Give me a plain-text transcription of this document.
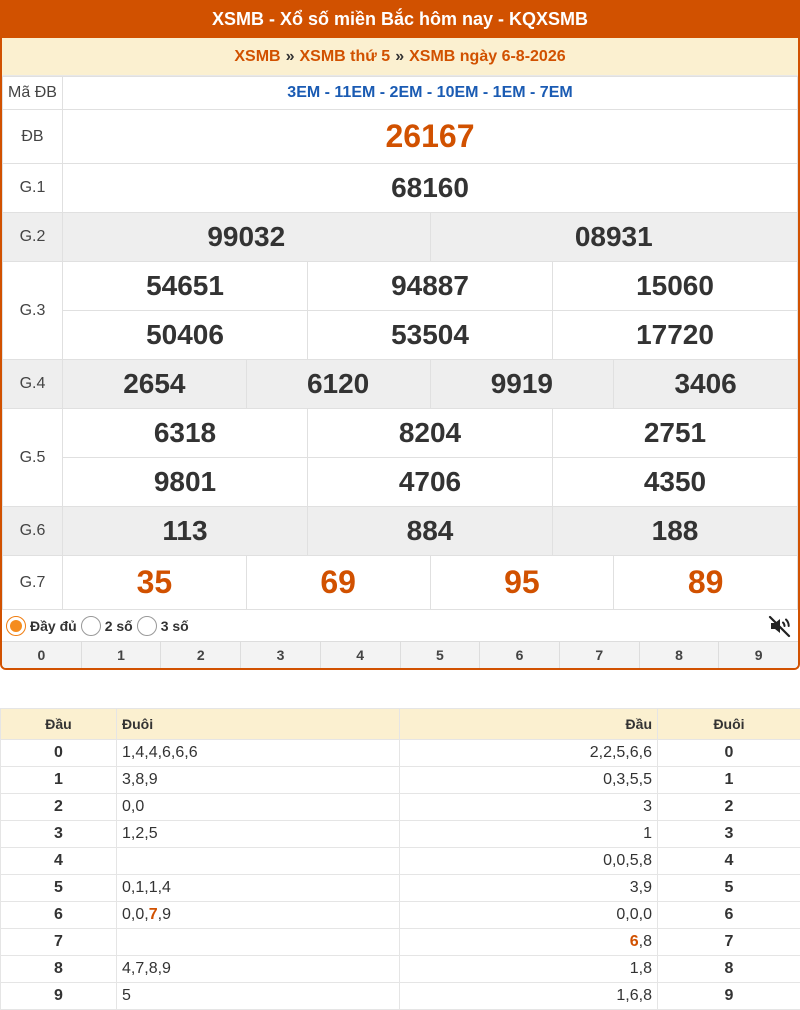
XSMB - Xổ số miền Bắc hôm nay - KQXSMB
XSMB » XSMB thứ 5 » XSMB ngày 6-8-2026
Mã ĐB	3EM - 11EM - 2EM - 10EM - 1EM - 7EM					
ĐB	26167					
G.1	68160					
G.2	99032			08931		
G.3	54651		94887		15060	
	50406		53504		17720	
G.4	2654	6120		9919		3406
G.5	6318		8204		2751	
	9801		4706		4350	
G.6	113		884		188	
G.7	35	69		95		89
Đầy đủ 2 số 3 số
0	1	2	3	4	5	6	7	8	9
Đầu	Đuôi	Đầu	Đuôi
0	1,4,4,6,6,6	2,2,5,6,6	0
1	3,8,9	0,3,5,5	1
2	0,0	3	2
3	1,2,5	1	3
4		0,0,5,8	4
5	0,1,1,4	3,9	5
6	0,0,7,9	0,0,0	6
7		6,8	7
8	4,7,8,9	1,8	8
9	5	1,6,8	9
